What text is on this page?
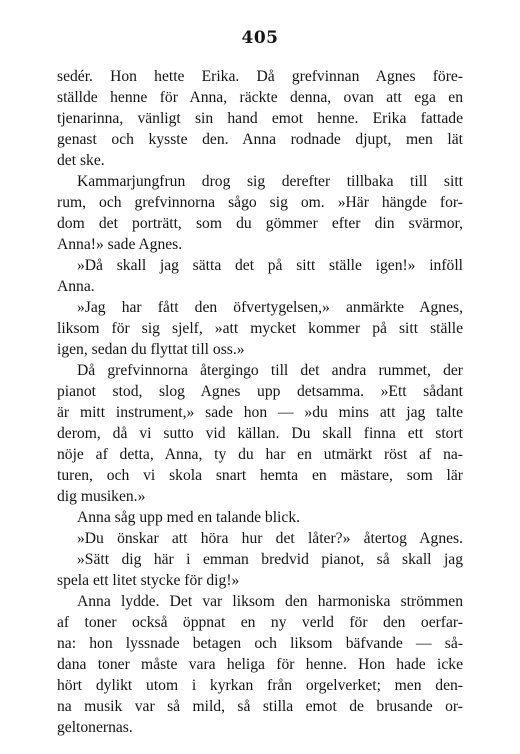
405
sedér. Hon hette Erika. Då grefvinnan Agnes före-
ställde henne för Anna, räckte denna, ovan att ega en
tjenarinna, vänligt sin hand emot henne. Erika fattade
genast och kysste den. Anna rodnade djupt, men lät
det ske.
Kammarjungfrun drog sig derefter tillbaka till sitt
rum, och grefvinnorna sågo sig om. »Här hängde for-
dom det porträtt, som du gömmer efter din svärmor,
Anna!» sade Agnes.
»Då skall jag sätta det på sitt ställe igen!» inföll
Anna.
»Jag har fått den öfvertygelsen,» anmärkte Agnes,
liksom för sig sjelf, »att mycket kommer på sitt ställe
igen, sedan du flyttat till oss.»
Då grefvinnorna återgingo till det andra rummet, der
pianot stod, slog Agnes upp detsamma. »Ett sådant
är mitt instrument,» sade hon — »du mins att jag talte
derom, då vi sutto vid källan. Du skall finna ett stort
nöje af detta, Anna, ty du har en utmärkt röst af na-
turen, och vi skola snart hemta en mästare, som lär
dig musiken.»
Anna såg upp med en talande blick.
»Du önskar att höra hur det låter?» återtog Agnes.
»Sätt dig här i emman bredvid pianot, så skall jag
spela ett litet stycke för dig!»
Anna lydde. Det var liksom den harmoniska strömmen
af toner också öppnat en ny verld för den oerfar-
na: hon lyssnade betagen och liksom bäfvande — så-
dana toner måste vara heliga för henne. Hon hade icke
hört dylikt utom i kyrkan från orgelverket; men den-
na musik var så mild, så stilla emot de brusande or-
geltonernas.
